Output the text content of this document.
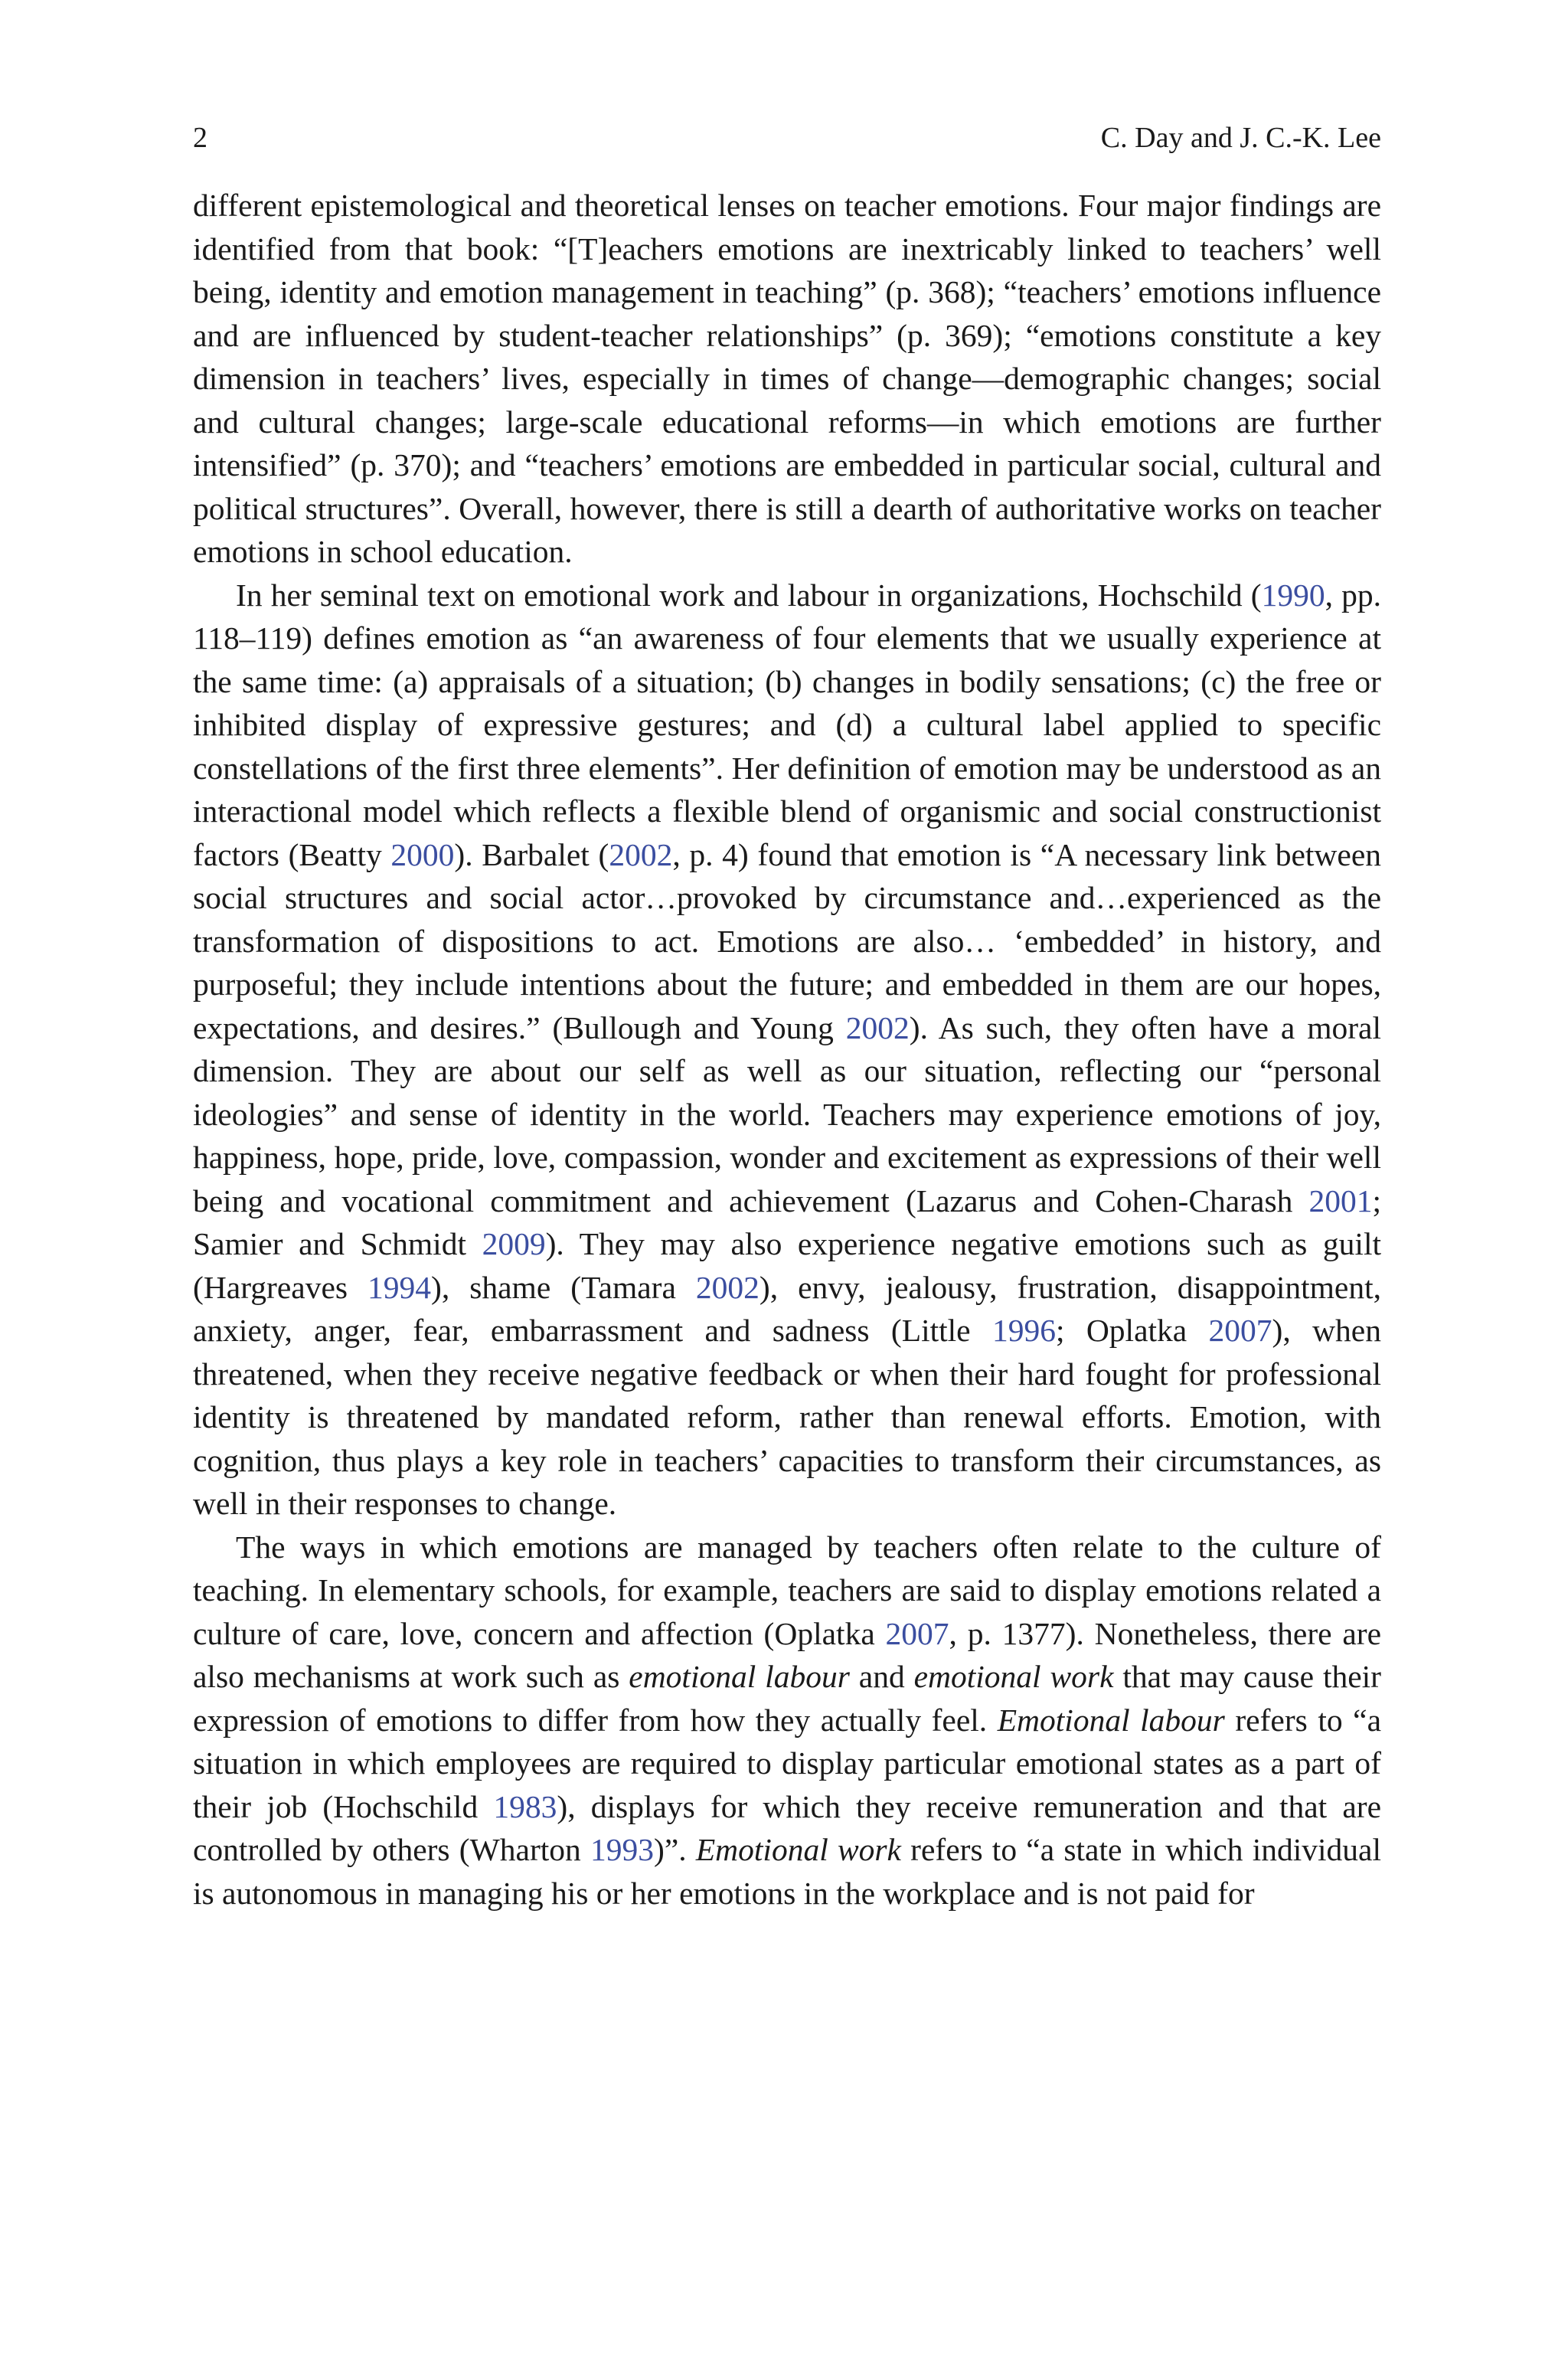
2	C. Day and J. C.-K. Lee

different epistemological and theoretical lenses on teacher emotions. Four major findings are identified from that book: “[T]eachers emotions are inextricably linked to teachers’ well being, identity and emotion management in teaching” (p. 368); “teachers’ emotions influence and are influenced by student-teacher relationships” (p. 369); “emotions constitute a key dimension in teachers’ lives, especially in times of change—demographic changes; social and cultural changes; large-scale educational reforms—in which emotions are further intensified” (p. 370); and “teachers’ emotions are embedded in particular social, cultural and political structures”. Overall, however, there is still a dearth of authoritative works on teacher emotions in school education.

In her seminal text on emotional work and labour in organizations, Hochschild (1990, pp. 118–119) defines emotion as “an awareness of four elements that we usually experience at the same time: (a) appraisals of a situation; (b) changes in bodily sensations; (c) the free or inhibited display of expressive gestures; and (d) a cultural label applied to specific constellations of the first three elements”. Her definition of emotion may be understood as an interactional model which reflects a flexible blend of organismic and social constructionist factors (Beatty 2000). Barbalet (2002, p. 4) found that emotion is “A necessary link between social structures and social actor…provoked by circumstance and…experienced as the transformation of dispositions to act. Emotions are also… ‘embedded’ in history, and purposeful; they include intentions about the future; and embedded in them are our hopes, expectations, and desires.” (Bullough and Young 2002). As such, they often have a moral dimension. They are about our self as well as our situation, reflecting our “personal ideologies” and sense of identity in the world. Teachers may experience emotions of joy, happiness, hope, pride, love, compassion, wonder and excitement as expressions of their well being and vocational commitment and achievement (Lazarus and Cohen-Charash 2001; Samier and Schmidt 2009). They may also experience negative emotions such as guilt (Hargreaves 1994), shame (Tamara 2002), envy, jealousy, frustration, disappointment, anxiety, anger, fear, embarrassment and sadness (Little 1996; Oplatka 2007), when threatened, when they receive negative feedback or when their hard fought for professional identity is threatened by mandated reform, rather than renewal efforts. Emotion, with cognition, thus plays a key role in teachers’ capacities to transform their circumstances, as well in their responses to change.

The ways in which emotions are managed by teachers often relate to the culture of teaching. In elementary schools, for example, teachers are said to display emotions related a culture of care, love, concern and affection (Oplatka 2007, p. 1377). Nonetheless, there are also mechanisms at work such as emotional labour and emotional work that may cause their expression of emotions to differ from how they actually feel. Emotional labour refers to “a situation in which employees are required to display particular emotional states as a part of their job (Hochschild 1983), displays for which they receive remuneration and that are controlled by others (Wharton 1993)”. Emotional work refers to “a state in which individual is autonomous in managing his or her emotions in the workplace and is not paid for
